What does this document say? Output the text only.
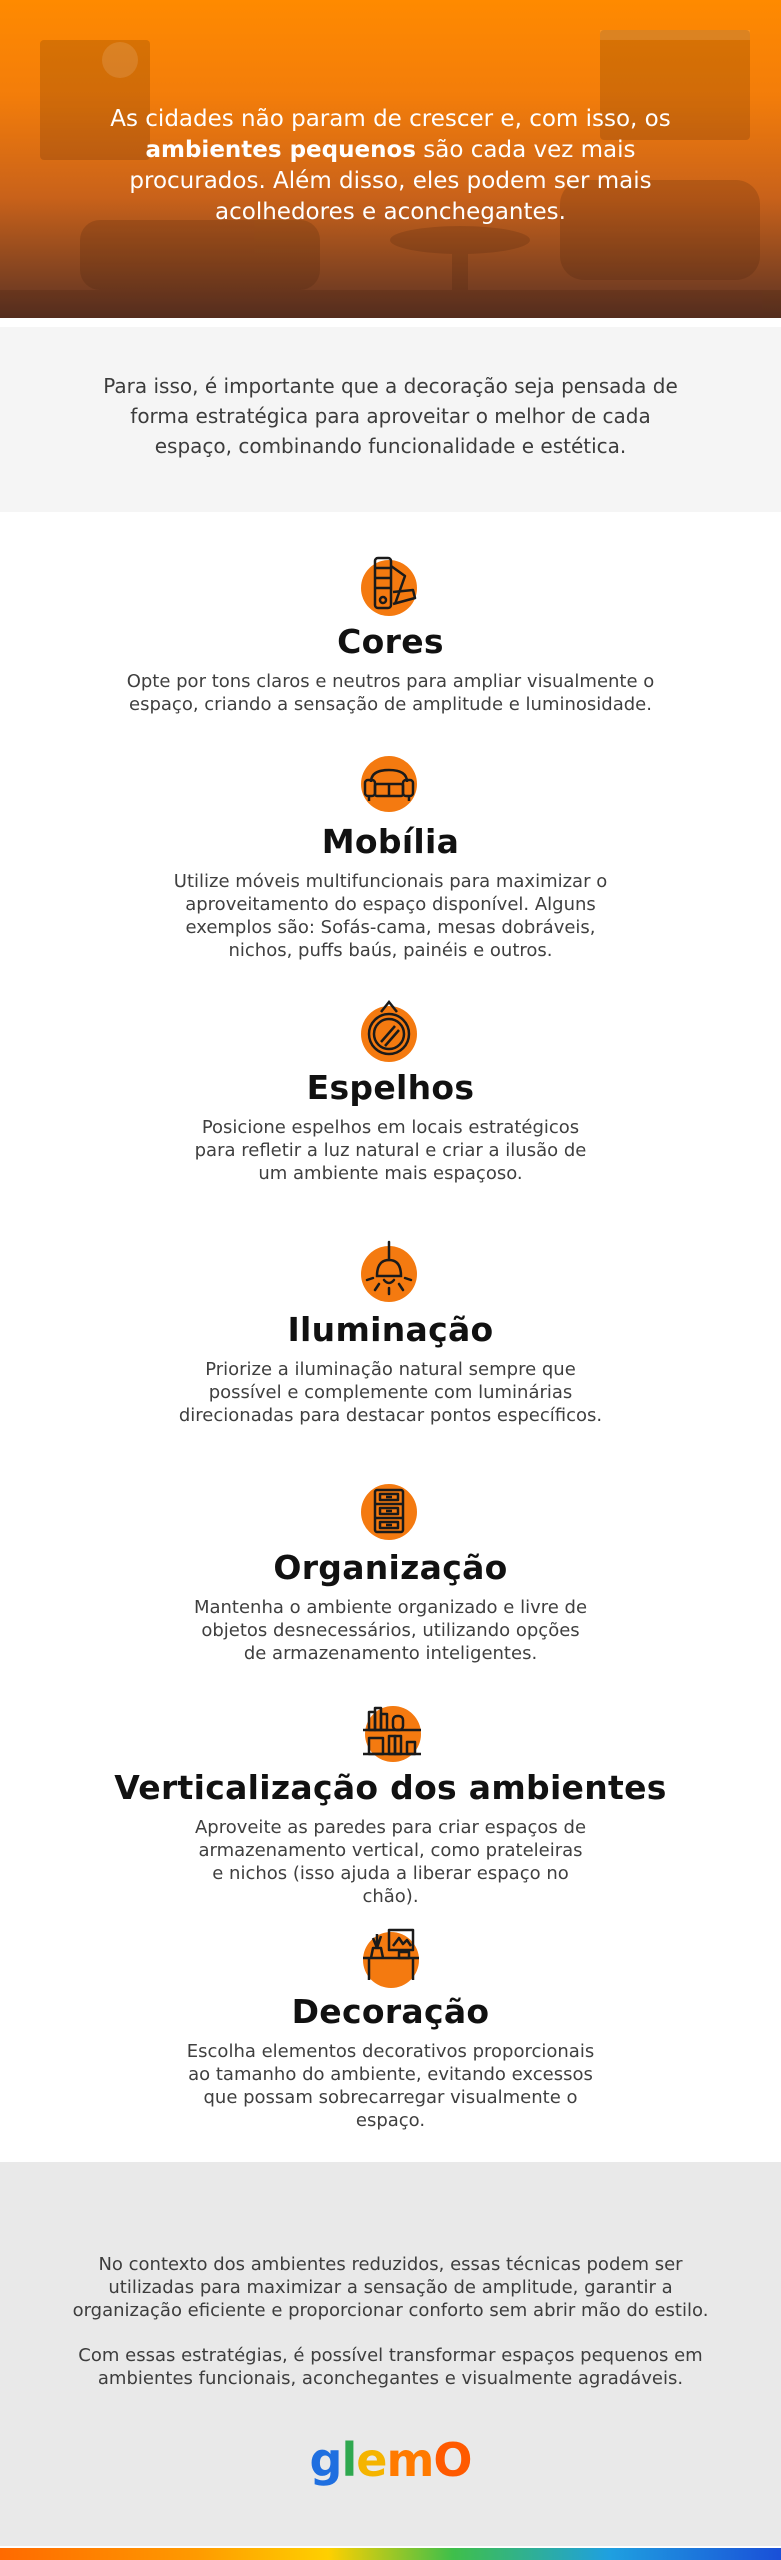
As cidades não param de crescer e, com isso, os ambientes pequenos são cada vez mais procurados. Além disso, eles podem ser mais acolhedores e aconchegantes.

Para isso, é importante que a decoração seja pensada de forma estratégica para aproveitar o melhor de cada espaço, combinando funcionalidade e estética.

Cores
Opte por tons claros e neutros para ampliar visualmente o espaço, criando a sensação de amplitude e luminosidade.
Mobília
Utilize móveis multifuncionais para maximizar o aproveitamento do espaço disponível. Alguns exemplos são: Sofás-cama, mesas dobráveis, nichos, puffs baús, painéis e outros.
Espelhos
Posicione espelhos em locais estratégicos para refletir a luz natural e criar a ilusão de um ambiente mais espaçoso.
Iluminação
Priorize a iluminação natural sempre que possível e complemente com luminárias direcionadas para destacar pontos específicos.
Organização
Mantenha o ambiente organizado e livre de objetos desnecessários, utilizando opções de armazenamento inteligentes.
Verticalização dos ambientes
Aproveite as paredes para criar espaços de armazenamento vertical, como prateleiras e nichos (isso ajuda a liberar espaço no chão).
Decoração
Escolha elementos decorativos proporcionais ao tamanho do ambiente, evitando excessos que possam sobrecarregar visualmente o espaço.

No contexto dos ambientes reduzidos, essas técnicas podem ser utilizadas para maximizar a sensação de amplitude, garantir a organização eficiente e proporcionar conforto sem abrir mão do estilo.

Com essas estratégias, é possível transformar espaços pequenos em ambientes funcionais, aconchegantes e visualmente agradáveis.

glemO
